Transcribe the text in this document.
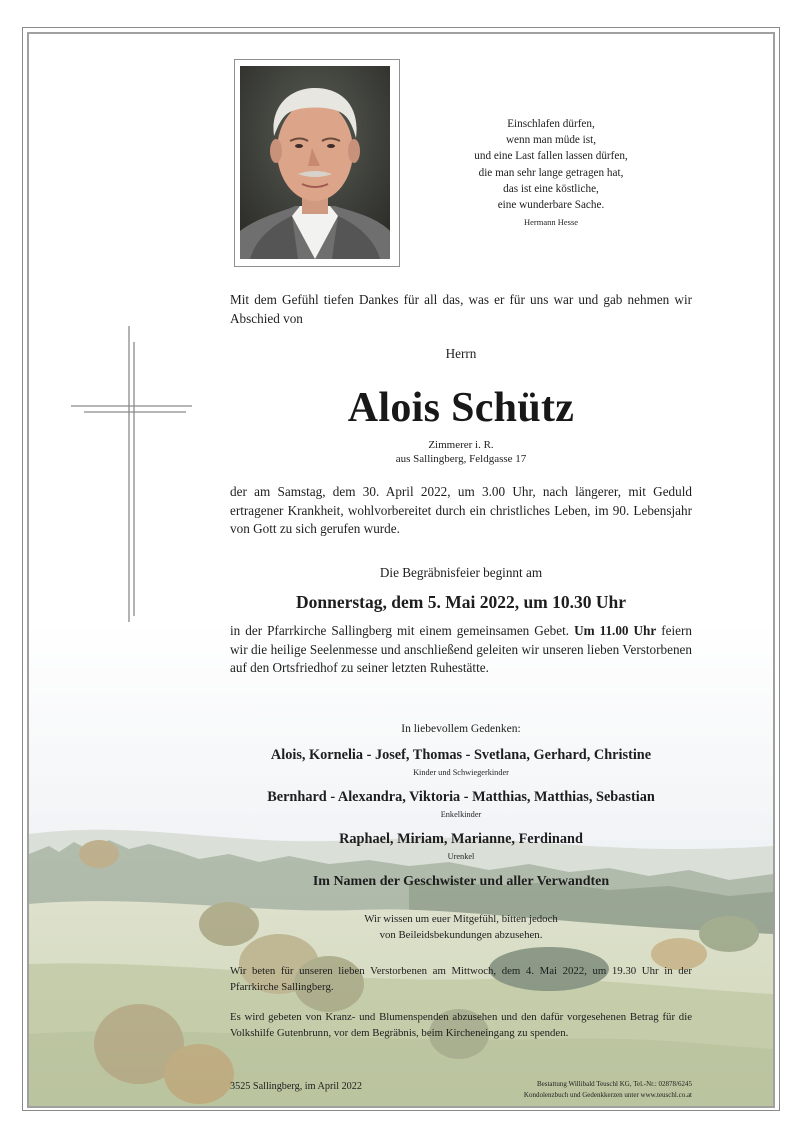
Einschlafen dürfen,
wenn man müde ist,
und eine Last fallen lassen dürfen,
die man sehr lange getragen hat,
das ist eine köstliche,
eine wunderbare Sache.
Hermann Hesse
Mit dem Gefühl tiefen Dankes für all das, was er für uns war und gab nehmen wir Abschied von
Herrn
Alois Schütz
Zimmerer i. R.
aus Sallingberg, Feldgasse 17
der am Samstag, dem 30. April 2022, um 3.00 Uhr, nach längerer, mit Geduld ertragener Krankheit, wohlvorbereitet durch ein christliches Leben, im 90. Lebensjahr von Gott zu sich gerufen wurde.
Die Begräbnisfeier beginnt am
Donnerstag, dem 5. Mai 2022, um 10.30 Uhr
in der Pfarrkirche Sallingberg mit einem gemeinsamen Gebet. Um 11.00 Uhr feiern wir die heilige Seelenmesse und anschließend geleiten wir unseren lieben Verstorbenen auf den Ortsfriedhof zu seiner letzten Ruhestätte.
In liebevollem Gedenken:
Alois, Kornelia - Josef, Thomas - Svetlana, Gerhard, Christine
Kinder und Schwiegerkinder
Bernhard - Alexandra, Viktoria - Matthias, Matthias, Sebastian
Enkelkinder
Raphael, Miriam, Marianne, Ferdinand
Urenkel
Im Namen der Geschwister und aller Verwandten
Wir wissen um euer Mitgefühl, bitten jedoch
von Beileidsbekundungen abzusehen.
Wir beten für unseren lieben Verstorbenen am Mittwoch, dem 4. Mai 2022, um 19.30 Uhr in der Pfarrkirche Sallingberg.
Es wird gebeten von Kranz- und Blumenspenden abzusehen und den dafür vorgesehenen Betrag für die Volkshilfe Gutenbrunn, vor dem Begräbnis, beim Kircheneingang zu spenden.
3525 Sallingberg, im April 2022	Bestattung Willibald Teuschl KG, Tel.-Nr.: 02878/6245
Kondolenzbuch und Gedenkkerzen unter www.teuschl.co.at
